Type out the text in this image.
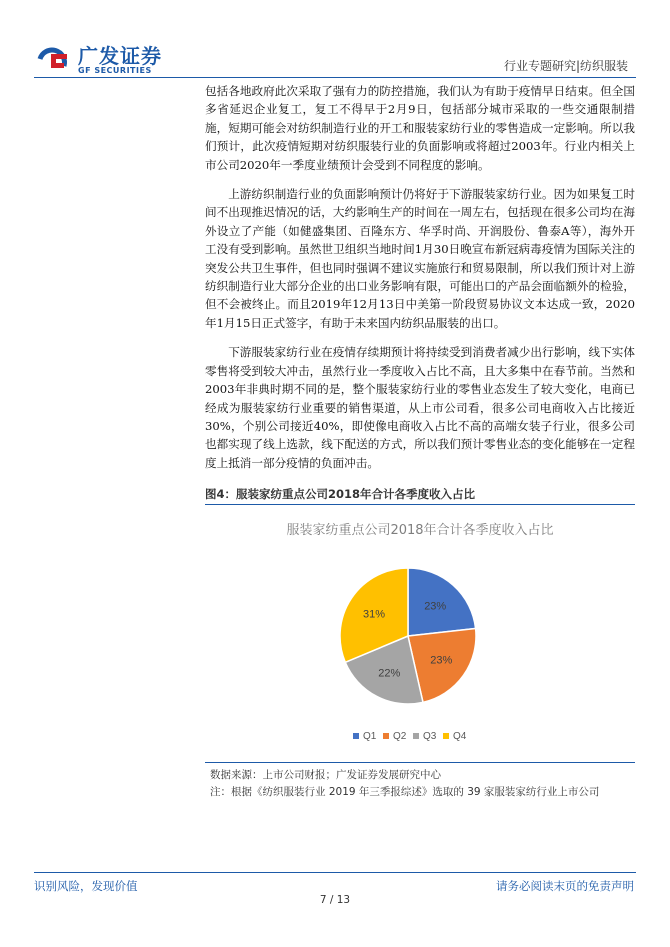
广发证券
GF SECURITIES	行业专题研究|纺织服装

包括各地政府此次采取了强有力的防控措施，我们认为有助于疫情早日结束。但全国多省延迟企业复工，复工不得早于2月9日，包括部分城市采取的一些交通限制措施，短期可能会对纺织制造行业的开工和服装家纺行业的零售造成一定影响。所以我们预计，此次疫情短期对纺织服装行业的负面影响或将超过2003年。行业内相关上市公司2020年一季度业绩预计会受到不同程度的影响。

上游纺织制造行业的负面影响预计仍将好于下游服装家纺行业。因为如果复工时间不出现推迟情况的话，大约影响生产的时间在一周左右，包括现在很多公司均在海外设立了产能（如健盛集团、百隆东方、华孚时尚、开润股份、鲁泰A等），海外开工没有受到影响。虽然世卫组织当地时间1月30日晚宣布新冠病毒疫情为国际关注的突发公共卫生事件，但也同时强调不建议实施旅行和贸易限制，所以我们预计对上游纺织制造行业大部分企业的出口业务影响有限，可能出口的产品会面临额外的检验，但不会被终止。而且2019年12月13日中美第一阶段贸易协议文本达成一致，2020年1月15日正式签字，有助于未来国内纺织品服装的出口。

下游服装家纺行业在疫情存续期预计将持续受到消费者减少出行影响，线下实体零售将受到较大冲击，虽然行业一季度收入占比不高，且大多集中在春节前。当然和2003年非典时期不同的是，整个服装家纺行业的零售业态发生了较大变化，电商已经成为服装家纺行业重要的销售渠道，从上市公司看，很多公司电商收入占比接近30%，个别公司接近40%，即使像电商收入占比不高的高端女装子行业，很多公司也都实现了线上选款，线下配送的方式，所以我们预计零售业态的变化能够在一定程度上抵消一部分疫情的负面冲击。

图4：服装家纺重点公司2018年合计各季度收入占比
服装家纺重点公司2018年合计各季度收入占比
23%
23%
22%
31%
Q1 Q2 Q3 Q4
数据来源：上市公司财报；广发证券发展研究中心
注：根据《纺织服装行业 2019 年三季报综述》选取的 39 家服装家纺行业上市公司
识别风险，发现价值	请务必阅读末页的免责声明
7 / 13
